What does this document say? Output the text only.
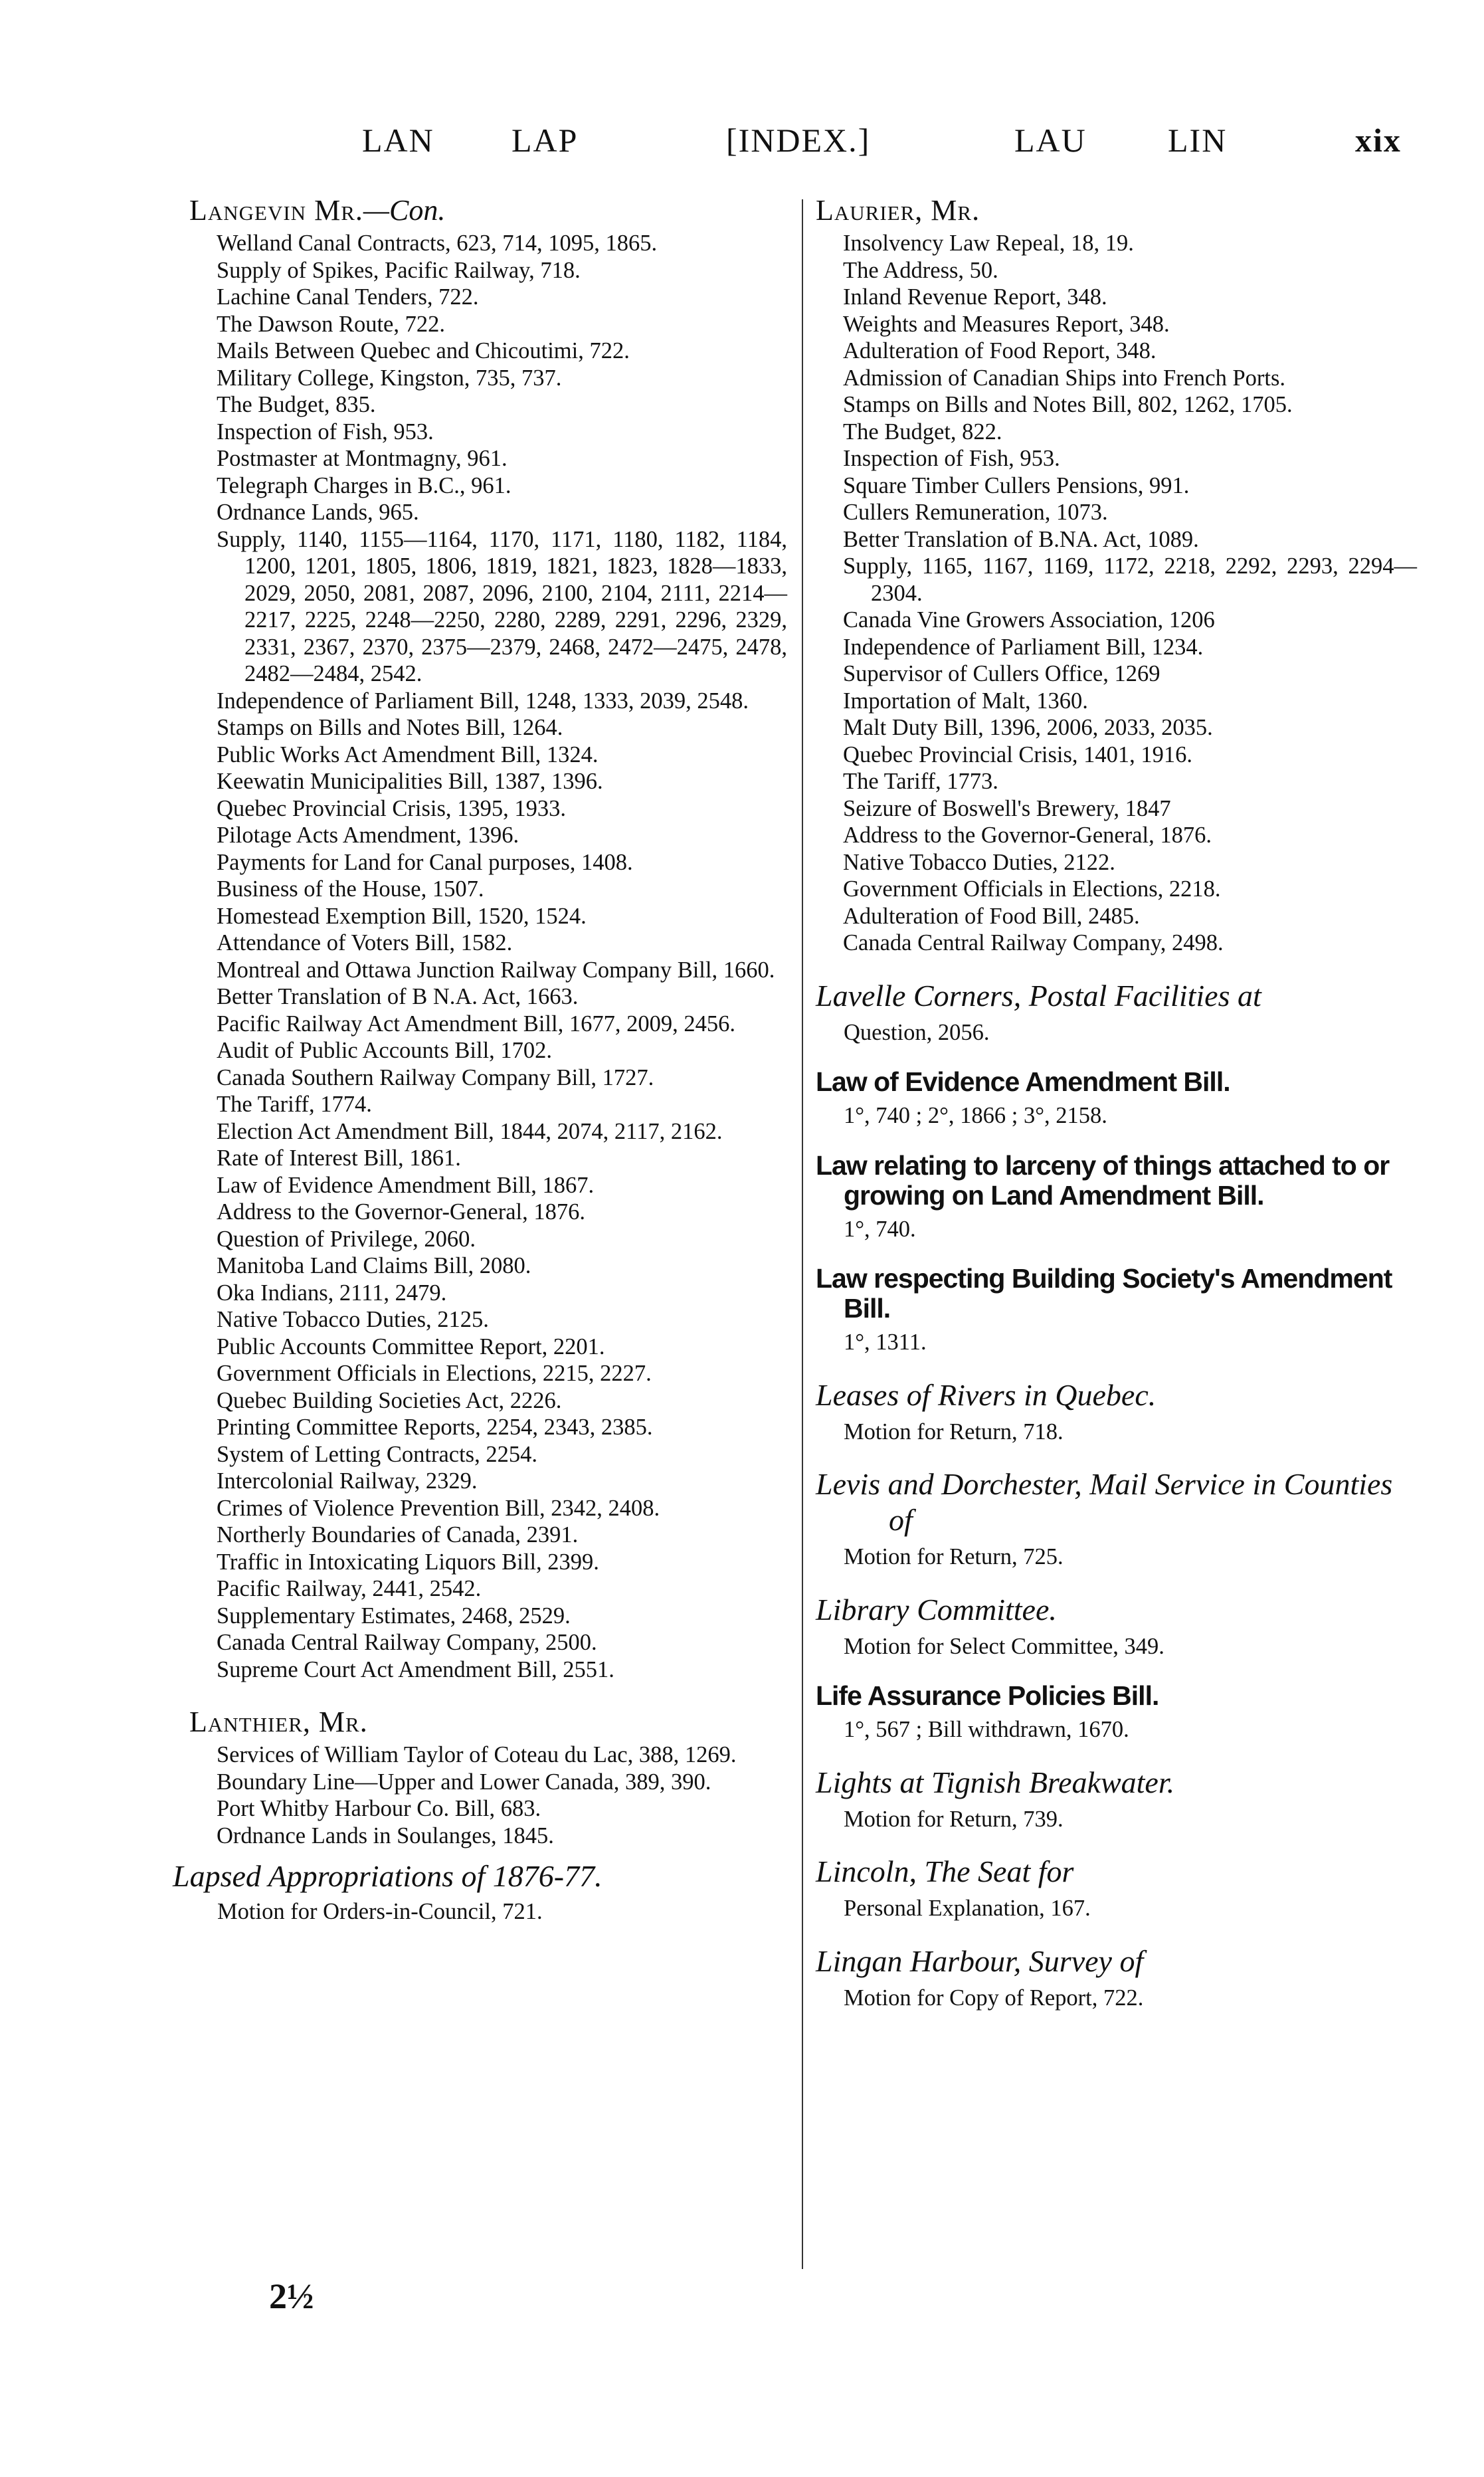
LAN LAP	[INDEX.]	LAU LIN	xix
Langevin Mr.—Con.

Welland Canal Contracts, 623, 714, 1095, 1865.

Supply of Spikes, Pacific Railway, 718.

Lachine Canal Tenders, 722.

The Dawson Route, 722.

Mails Between Quebec and Chicoutimi, 722.

Military College, Kingston, 735, 737.

The Budget, 835.

Inspection of Fish, 953.

Postmaster at Montmagny, 961.

Telegraph Charges in B.C., 961.

Ordnance Lands, 965.

Supply, 1140, 1155—1164, 1170, 1171, 1180, 1182, 1184, 1200, 1201, 1805, 1806, 1819, 1821, 1823, 1828—1833, 2029, 2050, 2081, 2087, 2096, 2100, 2104, 2111, 2214—2217, 2225, 2248—2250, 2280, 2289, 2291, 2296, 2329, 2331, 2367, 2370, 2375—2379, 2468, 2472—2475, 2478, 2482—2484, 2542.

Independence of Parliament Bill, 1248, 1333, 2039, 2548.

Stamps on Bills and Notes Bill, 1264.

Public Works Act Amendment Bill, 1324.

Keewatin Municipalities Bill, 1387, 1396.

Quebec Provincial Crisis, 1395, 1933.

Pilotage Acts Amendment, 1396.

Payments for Land for Canal purposes, 1408.

Business of the House, 1507.

Homestead Exemption Bill, 1520, 1524.

Attendance of Voters Bill, 1582.

Montreal and Ottawa Junction Railway Company Bill, 1660.

Better Translation of B N.A. Act, 1663.

Pacific Railway Act Amendment Bill, 1677, 2009, 2456.

Audit of Public Accounts Bill, 1702.

Canada Southern Railway Company Bill, 1727.

The Tariff, 1774.

Election Act Amendment Bill, 1844, 2074, 2117, 2162.

Rate of Interest Bill, 1861.

Law of Evidence Amendment Bill, 1867.

Address to the Governor-General, 1876.

Question of Privilege, 2060.

Manitoba Land Claims Bill, 2080.

Oka Indians, 2111, 2479.

Native Tobacco Duties, 2125.

Public Accounts Committee Report, 2201.

Government Officials in Elections, 2215, 2227.

Quebec Building Societies Act, 2226.

Printing Committee Reports, 2254, 2343, 2385.

System of Letting Contracts, 2254.

Intercolonial Railway, 2329.

Crimes of Violence Prevention Bill, 2342, 2408.

Northerly Boundaries of Canada, 2391.

Traffic in Intoxicating Liquors Bill, 2399.

Pacific Railway, 2441, 2542.

Supplementary Estimates, 2468, 2529.

Canada Central Railway Company, 2500.

Supreme Court Act Amendment Bill, 2551.

Lanthier, Mr.

Services of William Taylor of Coteau du Lac, 388, 1269.

Boundary Line—Upper and Lower Canada, 389, 390.

Port Whitby Harbour Co. Bill, 683.

Ordnance Lands in Soulanges, 1845.

Lapsed Appropriations of 1876-77.

Motion for Orders-in-Council, 721.

2½
Laurier, Mr.

Insolvency Law Repeal, 18, 19.

The Address, 50.

Inland Revenue Report, 348.

Weights and Measures Report, 348.

Adulteration of Food Report, 348.

Admission of Canadian Ships into French Ports.

Stamps on Bills and Notes Bill, 802, 1262, 1705.

The Budget, 822.

Inspection of Fish, 953.

Square Timber Cullers Pensions, 991.

Cullers Remuneration, 1073.

Better Translation of B.NA. Act, 1089.

Supply, 1165, 1167, 1169, 1172, 2218, 2292, 2293, 2294—2304.

Canada Vine Growers Association, 1206

Independence of Parliament Bill, 1234.

Supervisor of Cullers Office, 1269

Importation of Malt, 1360.

Malt Duty Bill, 1396, 2006, 2033, 2035.

Quebec Provincial Crisis, 1401, 1916.

The Tariff, 1773.

Seizure of Boswell's Brewery, 1847

Address to the Governor-General, 1876.

Native Tobacco Duties, 2122.

Government Officials in Elections, 2218.

Adulteration of Food Bill, 2485.

Canada Central Railway Company, 2498.

Lavelle Corners, Postal Facilities at

Question, 2056.

Law of Evidence Amendment Bill.

1°, 740 ; 2°, 1866 ; 3°, 2158.

Law relating to larceny of things attached to or growing on Land Amendment Bill.

1°, 740.

Law respecting Building Society's Amendment Bill.

1°, 1311.

Leases of Rivers in Quebec.

Motion for Return, 718.

Levis and Dorchester, Mail Service in Counties of

Motion for Return, 725.

Library Committee.

Motion for Select Committee, 349.

Life Assurance Policies Bill.

1°, 567 ; Bill withdrawn, 1670.

Lights at Tignish Breakwater.

Motion for Return, 739.

Lincoln, The Seat for

Personal Explanation, 167.

Lingan Harbour, Survey of

Motion for Copy of Report, 722.
